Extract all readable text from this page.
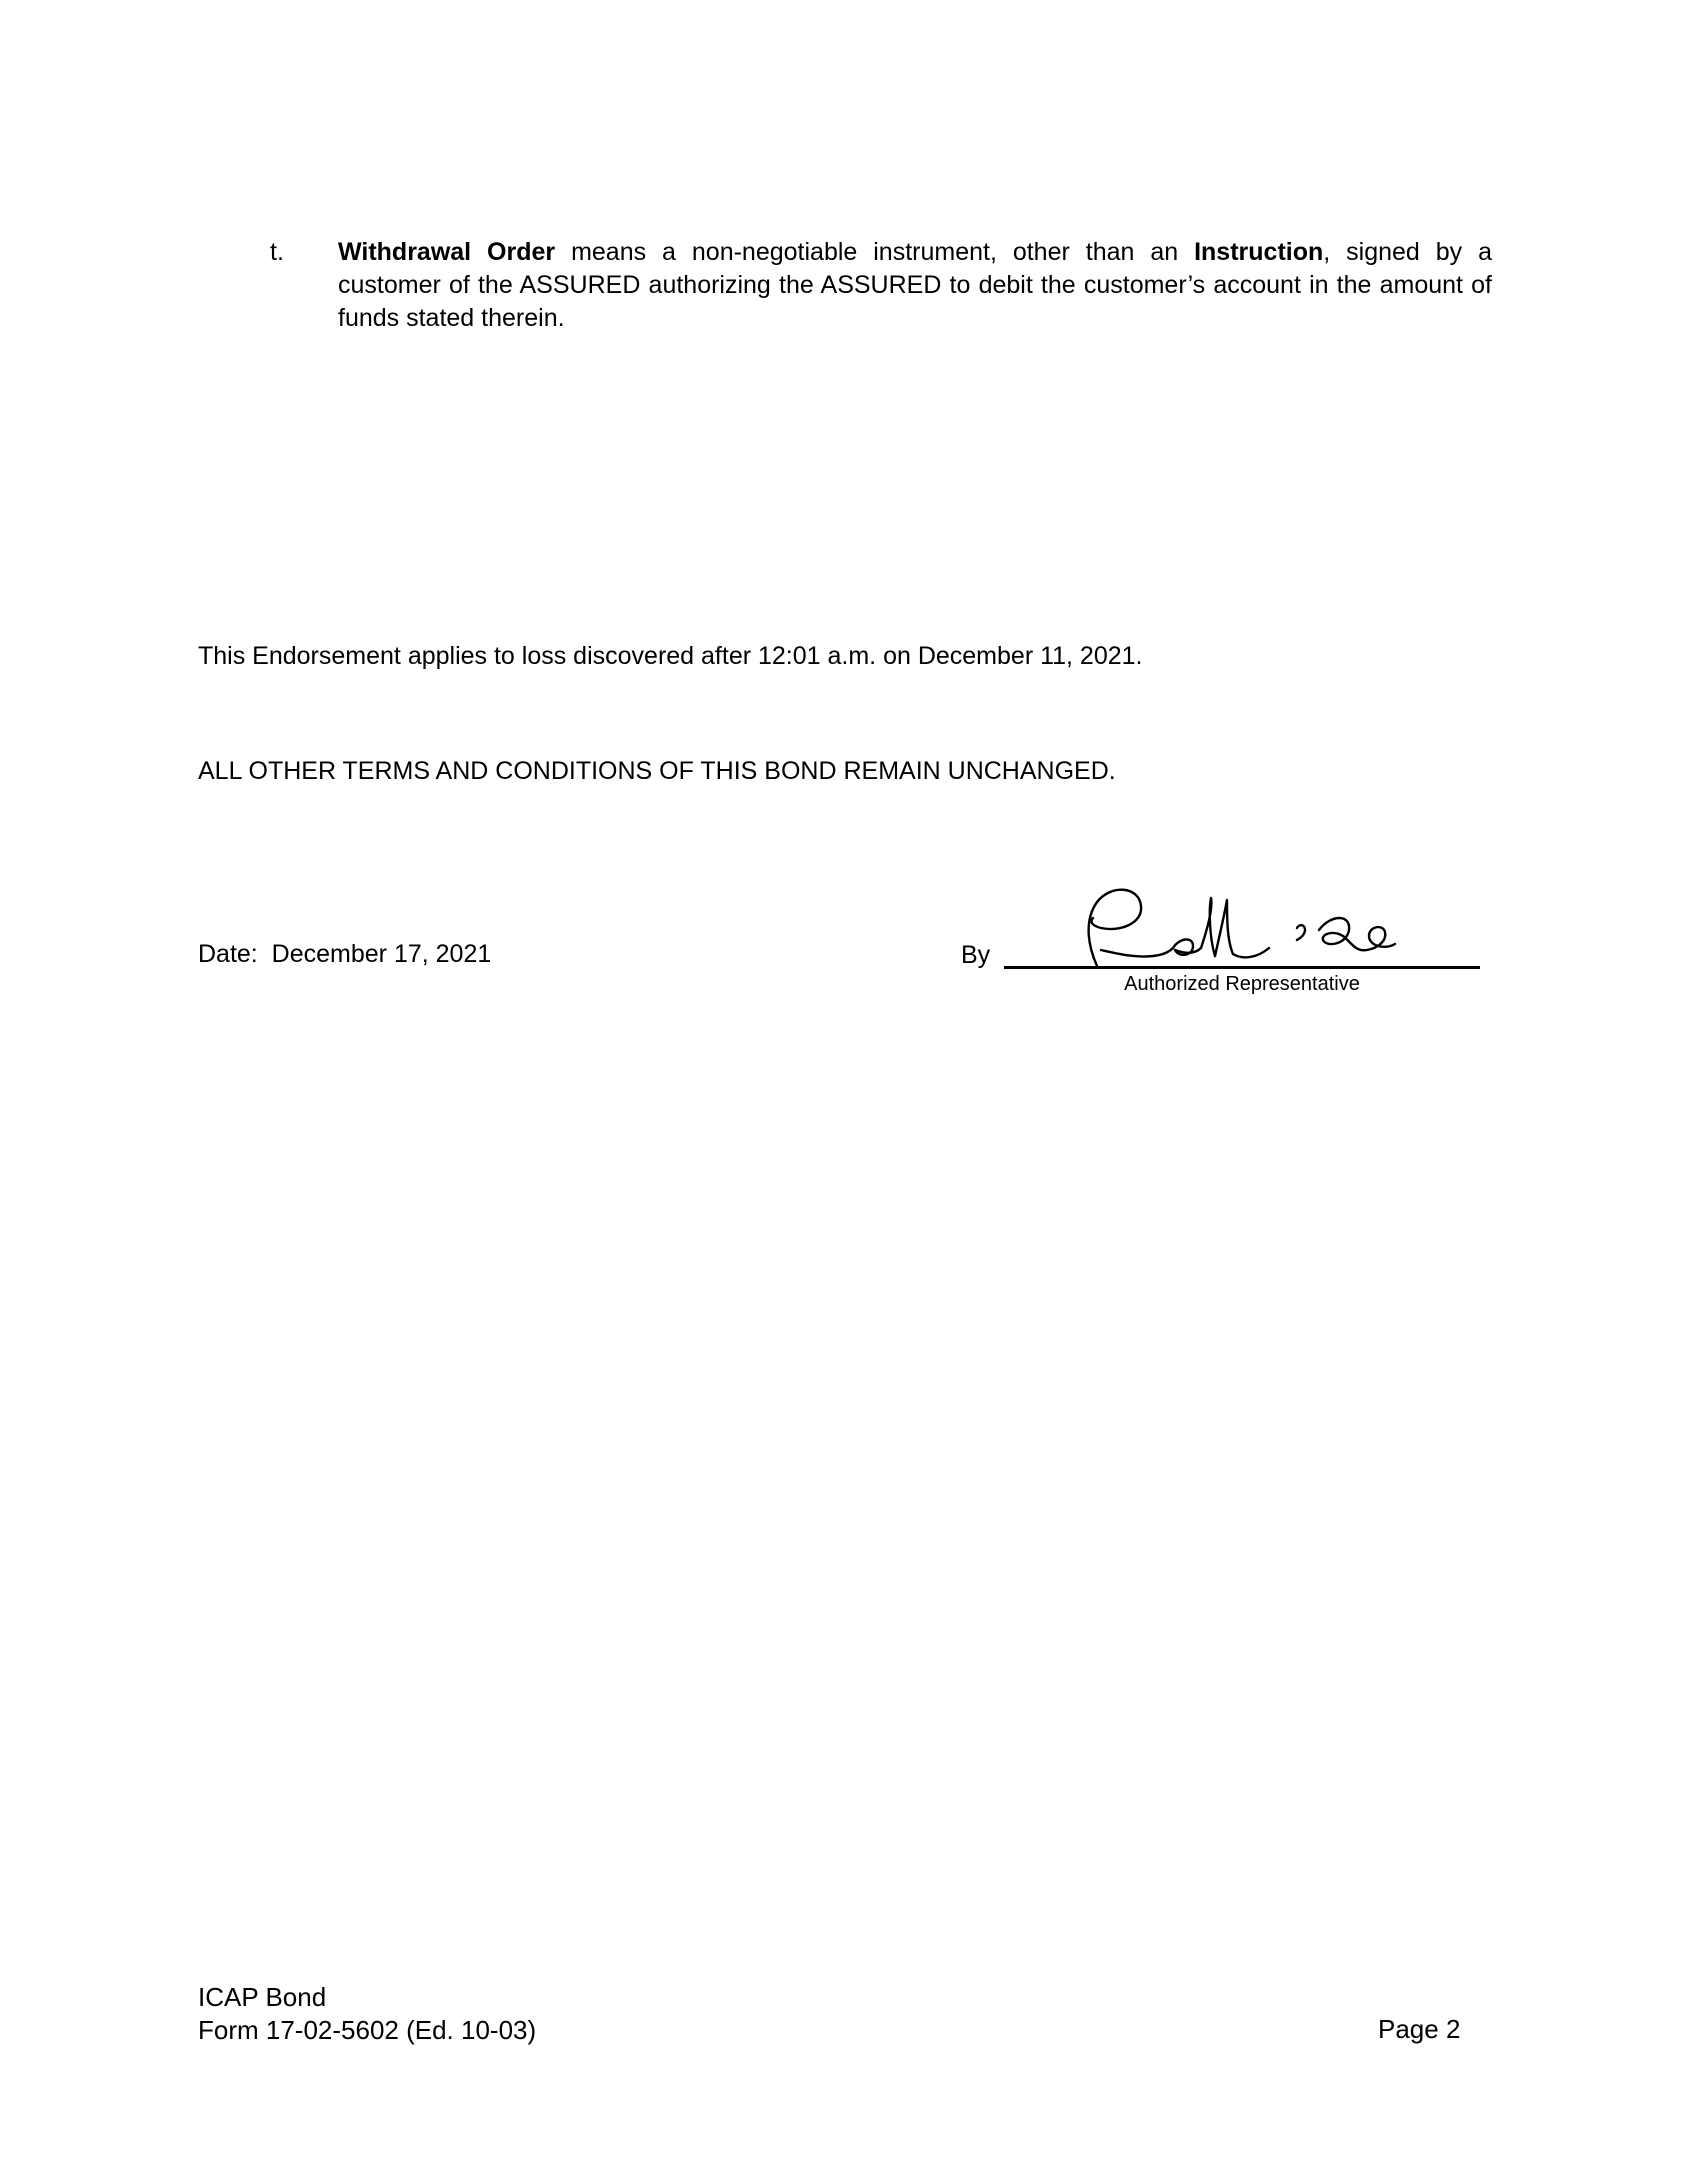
t. Withdrawal Order means a non-negotiable instrument, other than an Instruction, signed by a customer of the ASSURED authorizing the ASSURED to debit the customer’s account in the amount of funds stated therein.
This Endorsement applies to loss discovered after 12:01 a.m. on December 11, 2021.
ALL OTHER TERMS AND CONDITIONS OF THIS BOND REMAIN UNCHANGED.
Date: December 17, 2021	By
Authorized Representative
ICAP Bond
Form 17-02-5602 (Ed. 10-03)	Page 2
